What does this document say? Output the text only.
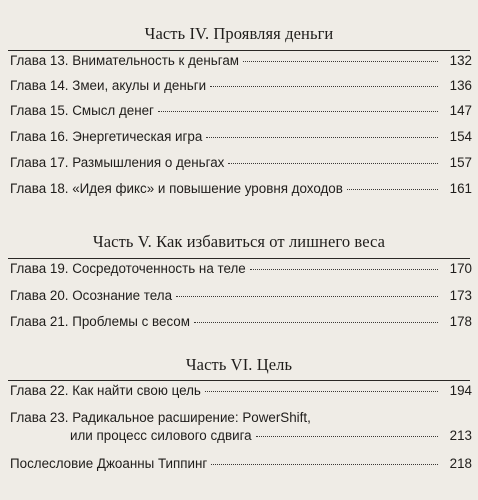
Часть IV. Проявляя деньги
Глава 13. Внимательность к деньгам	132
Глава 14. Змеи, акулы и деньги	136
Глава 15. Смысл денег	147
Глава 16. Энергетическая игра	154
Глава 17. Размышления о деньгах	157
Глава 18. «Идея фикс» и повышение уровня доходов	161
Часть V. Как избавиться от лишнего веса
Глава 19. Сосредоточенность на теле	170
Глава 20. Осознание тела	173
Глава 21. Проблемы с весом	178
Часть VI. Цель
Глава 22. Как найти свою цель	194
Глава 23. Радикальное расширение: PowerShift,
или процесс силового сдвига	213
Послесловие Джоанны Типпинг	218
